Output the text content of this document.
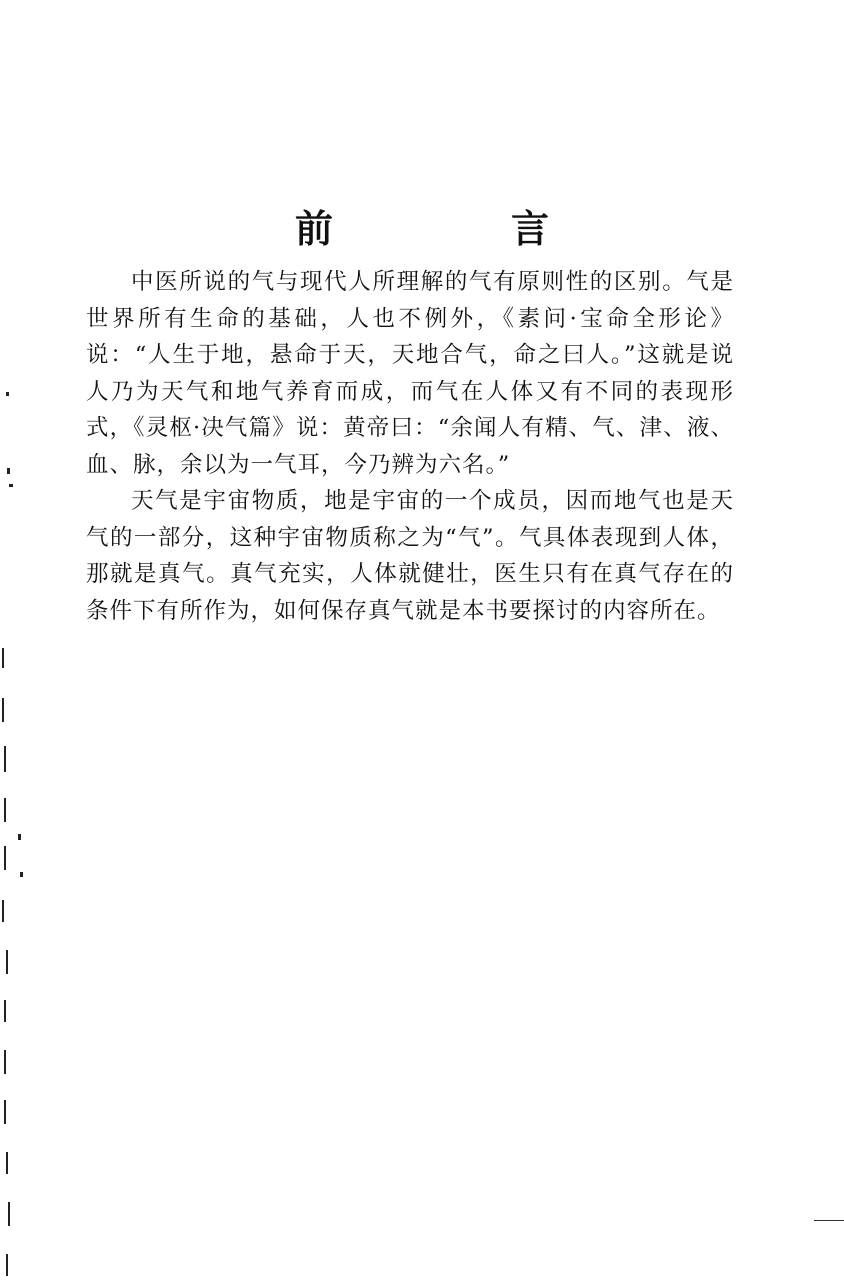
前　言

中医所说的气与现代人所理解的气有原则性的区别。气是世界所有生命的基础，人也不例外，《素问·宝命全形论》说：“人生于地，悬命于天，天地合气，命之曰人。”这就是说人乃为天气和地气养育而成，而气在人体又有不同的表现形式，《灵枢·决气篇》说：黄帝曰：“余闻人有精、气、津、液、血、脉，余以为一气耳，今乃辨为六名。”

天气是宇宙物质，地是宇宙的一个成员，因而地气也是天气的一部分，这种宇宙物质称之为“气”。气具体表现到人体，那就是真气。真气充实，人体就健壮，医生只有在真气存在的条件下有所作为，如何保存真气就是本书要探讨的内容所在。
